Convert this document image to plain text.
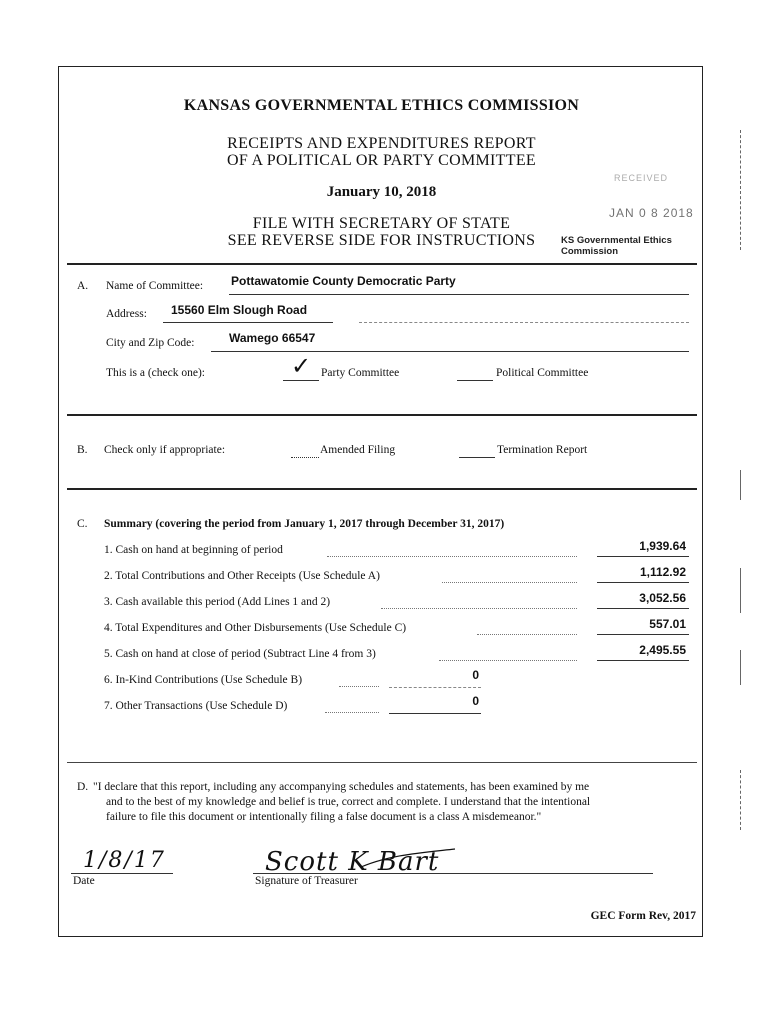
KANSAS GOVERNMENTAL ETHICS COMMISSION
RECEIPTS AND EXPENDITURES REPORT
OF A POLITICAL OR PARTY COMMITTEE
January 10, 2018
FILE WITH SECRETARY OF STATE
SEE REVERSE SIDE FOR INSTRUCTIONS
RECEIVED
JAN 0 8 2018
KS Governmental Ethics Commission
A. Name of Committee: Pottawatomie County Democratic Party
Address: 15560 Elm Slough Road
City and Zip Code:	Wamego 66547
This is a (check one):	✓ Party Committee	Political Committee
B. Check only if appropriate:	Amended Filing	Termination Report
C. Summary (covering the period from January 1, 2017 through December 31, 2017)
1. Cash on hand at beginning of period	1,939.64
2. Total Contributions and Other Receipts (Use Schedule A)	1,112.92
3. Cash available this period (Add Lines 1 and 2)	3,052.56
4. Total Expenditures and Other Disbursements (Use Schedule C)	557.01
5. Cash on hand at close of period (Subtract Line 4 from 3)	2,495.55
6. In-Kind Contributions (Use Schedule B)	0
7. Other Transactions (Use Schedule D)	0
D. "I declare that this report, including any accompanying schedules and statements, has been examined by me
and to the best of my knowledge and belief is true, correct and complete. I understand that the intentional
failure to file this document or intentionally filing a false document is a class A misdemeanor."
1/8/17
Date
Scott K Bart
Signature of Treasurer
GEC Form Rev, 2017
